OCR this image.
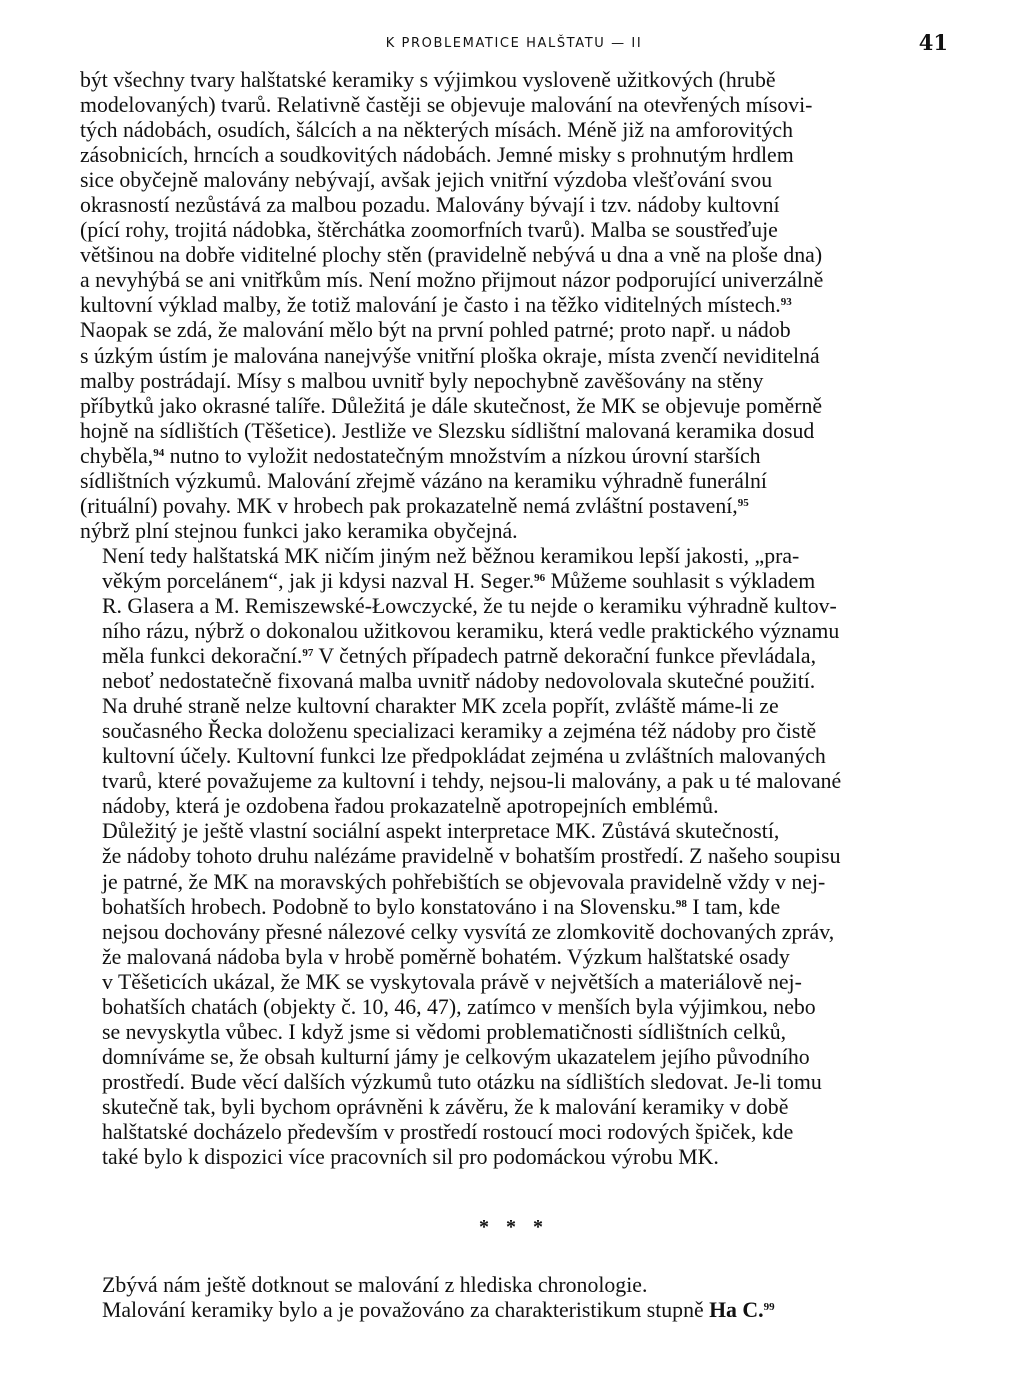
K PROBLEMATICE HALŠTATU — II	41

být všechny tvary halštatské keramiky s výjimkou vysloveně užitkových (hrubě
modelovaných) tvarů. Relativně častěji se objevuje malování na otevřených mísovi-
tých nádobách, osudích, šálcích a na některých mísách. Méně již na amforovitých
zásobnicích, hrncích a soudkovitých nádobách. Jemné misky s prohnutým hrdlem
sice obyčejně malovány nebývají, avšak jejich vnitřní výzdoba vlešťování svou
okrasností nezůstává za malbou pozadu. Malovány bývají i tzv. nádoby kultovní
(pící rohy, trojitá nádobka, štěrchátka zoomorfních tvarů). Malba se soustřeďuje
většinou na dobře viditelné plochy stěn (pravidelně nebývá u dna a vně na ploše dna)
a nevyhýbá se ani vnitřkům mís. Není možno přijmout názor podporující univerzálně
kultovní výklad malby, že totiž malování je často i na těžko viditelných místech.$^{93}$
Naopak se zdá, že malování mělo být na první pohled patrné; proto např. u nádob
s úzkým ústím je malována nanejvýše vnitřní ploška okraje, místa zvenčí neviditelná
malby postrádají. Mísy s malbou uvnitř byly nepochybně zavěšovány na stěny
příbytků jako okrasné talíře. Důležitá je dále skutečnost, že MK se objevuje poměrně
hojně na sídlištích (Těšetice). Jestliže ve Slezsku sídlištní malovaná keramika dosud
chyběla,$^{94}$ nutno to vyložit nedostatečným množstvím a nízkou úrovní starších
sídlištních výzkumů. Malování zřejmě vázáno na keramiku výhradně funerální
(rituální) povahy. MK v hrobech pak prokazatelně nemá zvláštní postavení,$^{95}$
nýbrž plní stejnou funkci jako keramika obyčejná.

Není tedy halštatská MK ničím jiným než běžnou keramikou lepší jakosti, „pra-
věkým porcelánem“, jak ji kdysi nazval H. Seger.$^{96}$ Můžeme souhlasit s výkladem
R. Glasera a M. Remiszewské-Łowczycké, že tu nejde o keramiku výhradně kultov-
ního rázu, nýbrž o dokonalou užitkovou keramiku, která vedle praktického významu
měla funkci dekorační.$^{97}$ V četných případech patrně dekorační funkce převládala,
neboť nedostatečně fixovaná malba uvnitř nádoby nedovolovala skutečné použití.
Na druhé straně nelze kultovní charakter MK zcela popřít, zvláště máme-li ze
současného Řecka doloženu specializaci keramiky a zejména též nádoby pro čistě
kultovní účely. Kultovní funkci lze předpokládat zejména u zvláštních malovaných
tvarů, které považujeme za kultovní i tehdy, nejsou-li malovány, a pak u té malované
nádoby, která je ozdobena řadou prokazatelně apotropejních emblémů.

Důležitý je ještě vlastní sociální aspekt interpretace MK. Zůstává skutečností,
že nádoby tohoto druhu nalézáme pravidelně v bohatším prostředí. Z našeho soupisu
je patrné, že MK na moravských pohřebištích se objevovala pravidelně vždy v nej-
bohatších hrobech. Podobně to bylo konstatováno i na Slovensku.$^{98}$ I tam, kde
nejsou dochovány přesné nálezové celky vysvítá ze zlomkovitě dochovaných zpráv,
že malovaná nádoba byla v hrobě poměrně bohatém. Výzkum halštatské osady
v Těšeticích ukázal, že MK se vyskytovala právě v největších a materiálově nej-
bohatších chatách (objekty č. 10, 46, 47), zatímco v menších byla výjimkou, nebo
se nevyskytla vůbec. I když jsme si vědomi problematičnosti sídlištních celků,
domníváme se, že obsah kulturní jámy je celkovým ukazatelem jejího původního
prostředí. Bude věcí dalších výzkumů tuto otázku na sídlištích sledovat. Je-li tomu
skutečně tak, byli bychom oprávněni k závěru, že k malování keramiky v době
halštatské docházelo především v prostředí rostoucí moci rodových špiček, kde
také bylo k dispozici více pracovních sil pro podomáckou výrobu MK.

* * *

Zbývá nám ještě dotknout se malování z hlediska chronologie.

Malování keramiky bylo a je považováno za charakteristikum stupně Ha C.$^{99}$
